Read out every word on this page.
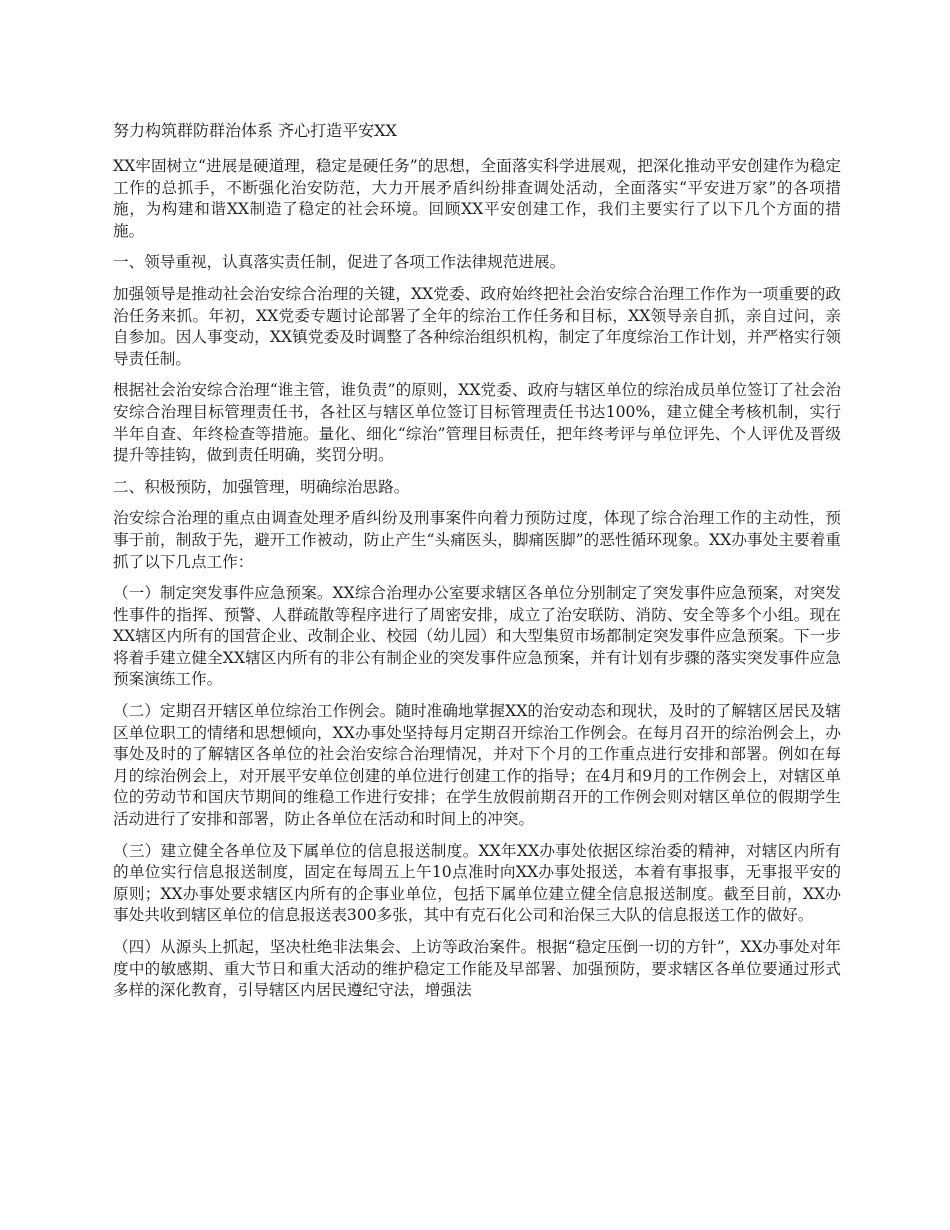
努力构筑群防群治体系 齐心打造平安XX

XX牢固树立“进展是硬道理，稳定是硬任务”的思想，全面落实科学进展观，把深化推动平安创建作为稳定工作的总抓手，不断强化治安防范，大力开展矛盾纠纷排查调处活动，全面落实“平安进万家”的各项措施，为构建和谐XX制造了稳定的社会环境。回顾XX平安创建工作，我们主要实行了以下几个方面的措施。

一、领导重视，认真落实责任制，促进了各项工作法律规范进展。

加强领导是推动社会治安综合治理的关键，XX党委、政府始终把社会治安综合治理工作作为一项重要的政治任务来抓。年初，XX党委专题讨论部署了全年的综治工作任务和目标，XX领导亲自抓，亲自过问，亲自参加。因人事变动，XX镇党委及时调整了各种综治组织机构，制定了年度综治工作计划，并严格实行领导责任制。

根据社会治安综合治理“谁主管，谁负责”的原则，XX党委、政府与辖区单位的综治成员单位签订了社会治安综合治理目标管理责任书，各社区与辖区单位签订目标管理责任书达100%，建立健全考核机制，实行半年自查、年终检查等措施。量化、细化“综治”管理目标责任，把年终考评与单位评先、个人评优及晋级提升等挂钩，做到责任明确，奖罚分明。

二、积极预防，加强管理，明确综治思路。

治安综合治理的重点由调查处理矛盾纠纷及刑事案件向着力预防过度，体现了综合治理工作的主动性，预事于前，制敌于先，避开工作被动，防止产生“头痛医头，脚痛医脚”的恶性循环现象。XX办事处主要着重抓了以下几点工作：

（一）制定突发事件应急预案。XX综合治理办公室要求辖区各单位分别制定了突发事件应急预案，对突发性事件的指挥、预警、人群疏散等程序进行了周密安排，成立了治安联防、消防、安全等多个小组。现在XX辖区内所有的国营企业、改制企业、校园（幼儿园）和大型集贸市场都制定突发事件应急预案。下一步将着手建立健全XX辖区内所有的非公有制企业的突发事件应急预案，并有计划有步骤的落实突发事件应急预案演练工作。

（二）定期召开辖区单位综治工作例会。随时准确地掌握XX的治安动态和现状，及时的了解辖区居民及辖区单位职工的情绪和思想倾向，XX办事处坚持每月定期召开综治工作例会。在每月召开的综治例会上，办事处及时的了解辖区各单位的社会治安综合治理情况，并对下个月的工作重点进行安排和部署。例如在每月的综治例会上，对开展平安单位创建的单位进行创建工作的指导；在4月和9月的工作例会上，对辖区单位的劳动节和国庆节期间的维稳工作进行安排；在学生放假前期召开的工作例会则对辖区单位的假期学生活动进行了安排和部署，防止各单位在活动和时间上的冲突。

（三）建立健全各单位及下属单位的信息报送制度。XX年XX办事处依据区综治委的精神，对辖区内所有的单位实行信息报送制度，固定在每周五上午10点准时向XX办事处报送，本着有事报事，无事报平安的原则；XX办事处要求辖区内所有的企事业单位，包括下属单位建立健全信息报送制度。截至目前，XX办事处共收到辖区单位的信息报送表300多张，其中有克石化公司和治保三大队的信息报送工作的做好。

（四）从源头上抓起，坚决杜绝非法集会、上访等政治案件。根据“稳定压倒一切的方针”，XX办事处对年度中的敏感期、重大节日和重大活动的维护稳定工作能及早部署、加强预防，要求辖区各单位要通过形式多样的深化教育，引导辖区内居民遵纪守法，增强法
